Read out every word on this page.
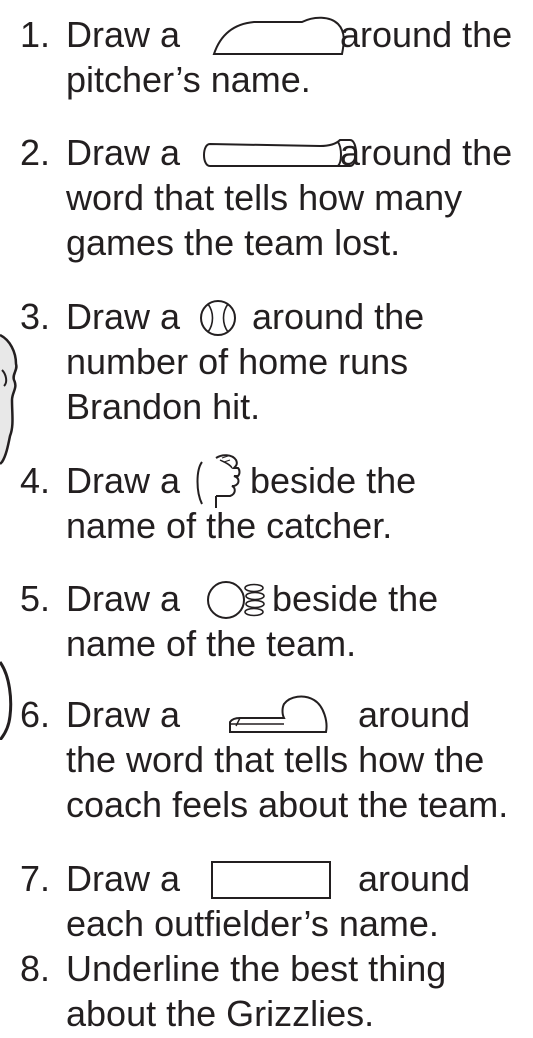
1. Draw a	around the
pitcher’s name.
2. Draw a	around the
word that tells how many
games the team lost.
3. Draw a around the
number of home runs
Brandon hit.
4. Draw a beside the
name of the catcher.
5. Draw a	beside the
name of the team.
6. Draw a	around
the word that tells how the
coach feels about the team.
7. Draw a	around
each outfielder’s name.
8. Underline the best thing
about the Grizzlies.
